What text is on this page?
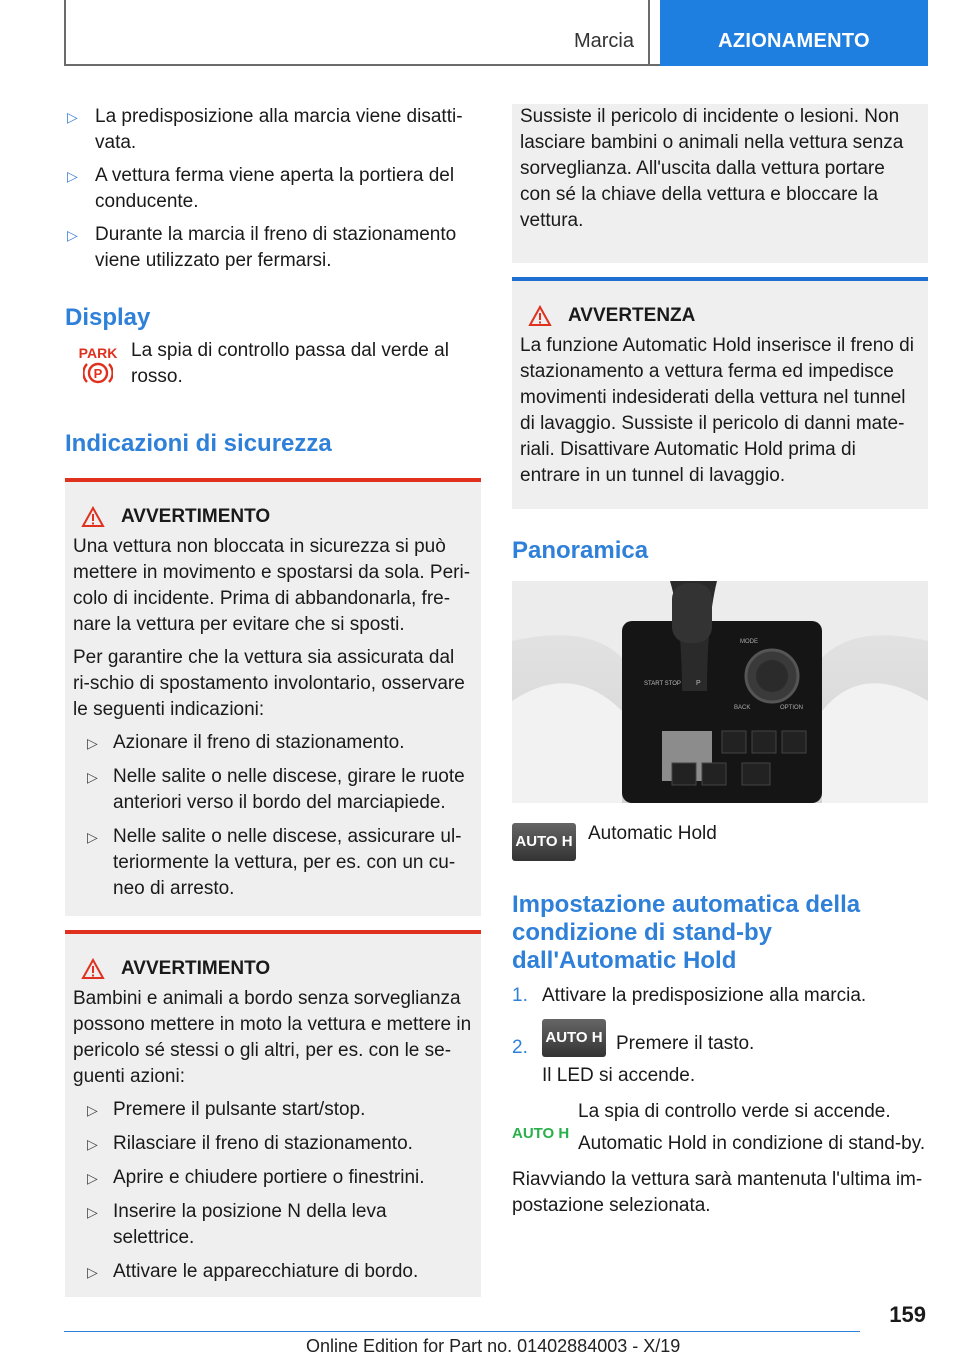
Marcia	AZIONAMENTO
▷ La predisposizione alla marcia viene disatti-vata.
▷ A vettura ferma viene aperta la portiera del conducente.
▷ Durante la marcia il freno di stazionamento viene utilizzato per fermarsi.
Display
PARK
P
La spia di controllo passa dal verde al rosso.
Indicazioni di sicurezza
AVVERTIMENTO

Una vettura non bloccata in sicurezza si può mettere in movimento e spostarsi da sola. Peri-colo di incidente. Prima di abbandonarla, fre-nare la vettura per evitare che si sposti.

Per garantire che la vettura sia assicurata dal ri-schio di spostamento involontario, osservare le seguenti indicazioni:

▷ Azionare il freno di stazionamento.
▷ Nelle salite o nelle discese, girare le ruote anteriori verso il bordo del marciapiede.
▷ Nelle salite o nelle discese, assicurare ul-teriormente la vettura, per es. con un cu-neo di arresto.
AVVERTIMENTO

Bambini e animali a bordo senza sorveglianza possono mettere in moto la vettura e mettere in pericolo sé stessi o gli altri, per es. con le se-guenti azioni:

▷ Premere il pulsante start/stop.
▷ Rilasciare il freno di stazionamento.
▷ Aprire e chiudere portiere o finestrini.
▷ Inserire la posizione N della leva selettrice.
▷ Attivare le apparecchiature di bordo.

Sussiste il pericolo di incidente o lesioni. Non lasciare bambini o animali nella vettura senza sorveglianza. All'uscita dalla vettura portare con sé la chiave della vettura e bloccare la vettura.

AVVERTENZA

La funzione Automatic Hold inserisce il freno di stazionamento a vettura ferma ed impedisce movimenti indesiderati della vettura nel tunnel di lavaggio. Sussiste il pericolo di danni mate-riali. Disattivare Automatic Hold prima di entrare in un tunnel di lavaggio.

Panoramica
MODE
BACK	OPTION
START STOP P
AUTO H Automatic Hold
Impostazione automatica della condizione di stand-by dall'Automatic Hold
1. Attivare la predisposizione alla marcia.
2. AUTO H Premere il tasto.
Il LED si accende.
AUTO H

La spia di controllo verde si accende.

Automatic Hold in condizione di stand-by.

Riavviando la vettura sarà mantenuta l'ultima im-postazione selezionata.

159
Online Edition for Part no. 01402884003 - X/19
